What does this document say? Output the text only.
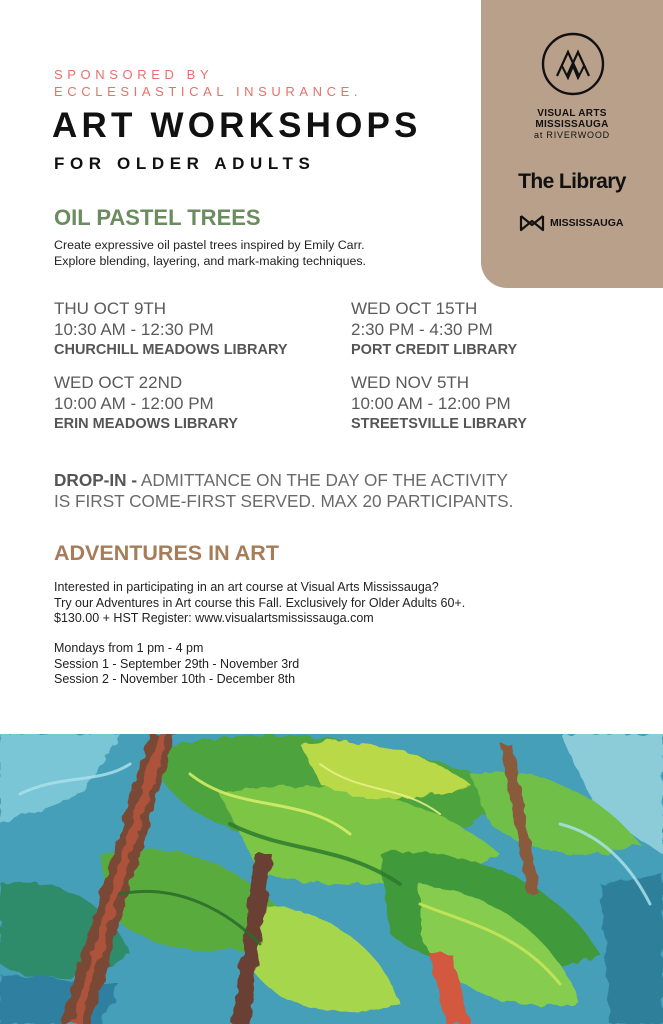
SPONSORED BY
ECCLESIASTICAL INSURANCE.
ART WORKSHOPS
FOR OLDER ADULTS
VISUAL ARTS
MISSISSAUGA
at RIVERWOOD
The Library
MISSISSAUGA
OIL PASTEL TREES
Create expressive oil pastel trees inspired by Emily Carr.
Explore blending, layering, and mark-making techniques.
THU OCT 9TH
10:30 AM - 12:30 PM
CHURCHILL MEADOWS LIBRARY
WED OCT 15TH
2:30 PM - 4:30 PM
PORT CREDIT LIBRARY
WED OCT 22ND
10:00 AM - 12:00 PM
ERIN MEADOWS LIBRARY
WED NOV 5TH
10:00 AM - 12:00 PM
STREETSVILLE LIBRARY
DROP-IN - ADMITTANCE ON THE DAY OF THE ACTIVITY
IS FIRST COME-FIRST SERVED. MAX 20 PARTICIPANTS.
ADVENTURES IN ART
Interested in participating in an art course at Visual Arts Mississauga?
Try our Adventures in Art course this Fall. Exclusively for Older Adults 60+.
$130.00 + HST Register: www.visualartsmississauga.com
Mondays from 1 pm - 4 pm
Session 1 - September 29th - November 3rd
Session 2 - November 10th - December 8th
